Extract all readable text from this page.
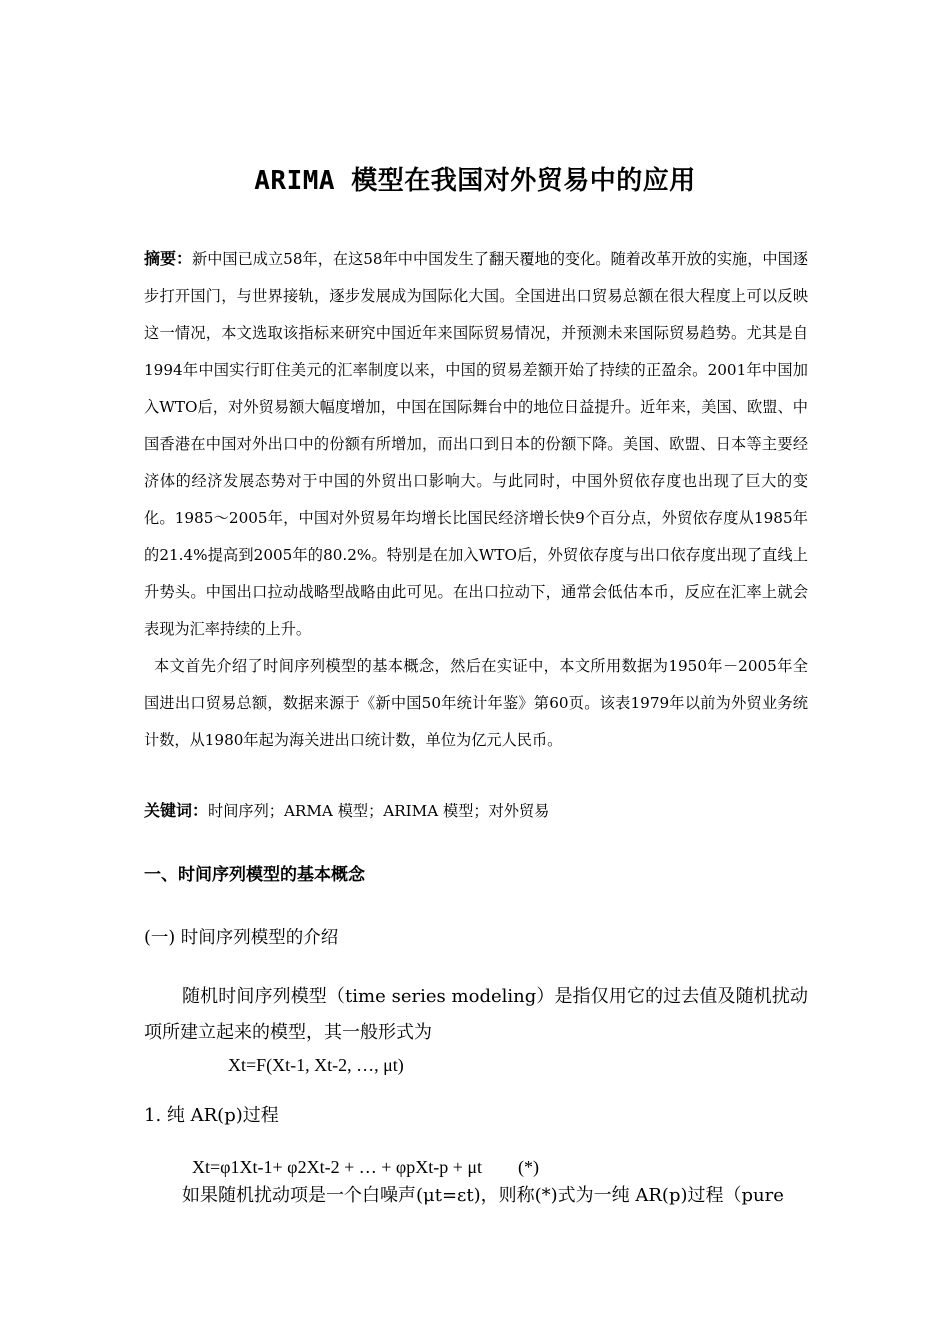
ARIMA 模型在我国对外贸易中的应用

摘要：新中国已成立58年，在这58年中中国发生了翻天覆地的变化。随着改革开放的实施，中国逐步打开国门，与世界接轨，逐步发展成为国际化大国。全国进出口贸易总额在很大程度上可以反映这一情况，本文选取该指标来研究中国近年来国际贸易情况，并预测未来国际贸易趋势。尤其是自1994年中国实行盯住美元的汇率制度以来，中国的贸易差额开始了持续的正盈余。2001年中国加入WTO后，对外贸易额大幅度增加，中国在国际舞台中的地位日益提升。近年来，美国、欧盟、中国香港在中国对外出口中的份额有所增加，而出口到日本的份额下降。美国、欧盟、日本等主要经济体的经济发展态势对于中国的外贸出口影响大。与此同时，中国外贸依存度也出现了巨大的变化。1985～2005年，中国对外贸易年均增长比国民经济增长快9个百分点，外贸依存度从1985年的21.4%提高到2005年的80.2%。特别是在加入WTO后，外贸依存度与出口依存度出现了直线上升势头。中国出口拉动战略型战略由此可见。在出口拉动下，通常会低估本币，反应在汇率上就会表现为汇率持续的上升。

本文首先介绍了时间序列模型的基本概念，然后在实证中，本文所用数据为1950年－2005年全国进出口贸易总额，数据来源于《新中国50年统计年鉴》第60页。该表1979年以前为外贸业务统计数，从1980年起为海关进出口统计数，单位为亿元人民币。

关键词：时间序列；ARMA 模型；ARIMA 模型；对外贸易
一、时间序列模型的基本概念
(一) 时间序列模型的介绍

随机时间序列模型（time series modeling）是指仅用它的过去值及随机扰动项所建立起来的模型，其一般形式为

Xt=F(Xt-1, Xt-2, …, μt)
1. 纯 AR(p)过程
Xt=φ1Xt-1+ φ2Xt-2 + … + φpXt-p + μt        (*)
如果随机扰动项是一个白噪声(μt=εt)，则称(*)式为一纯 AR(p)过程（pure
